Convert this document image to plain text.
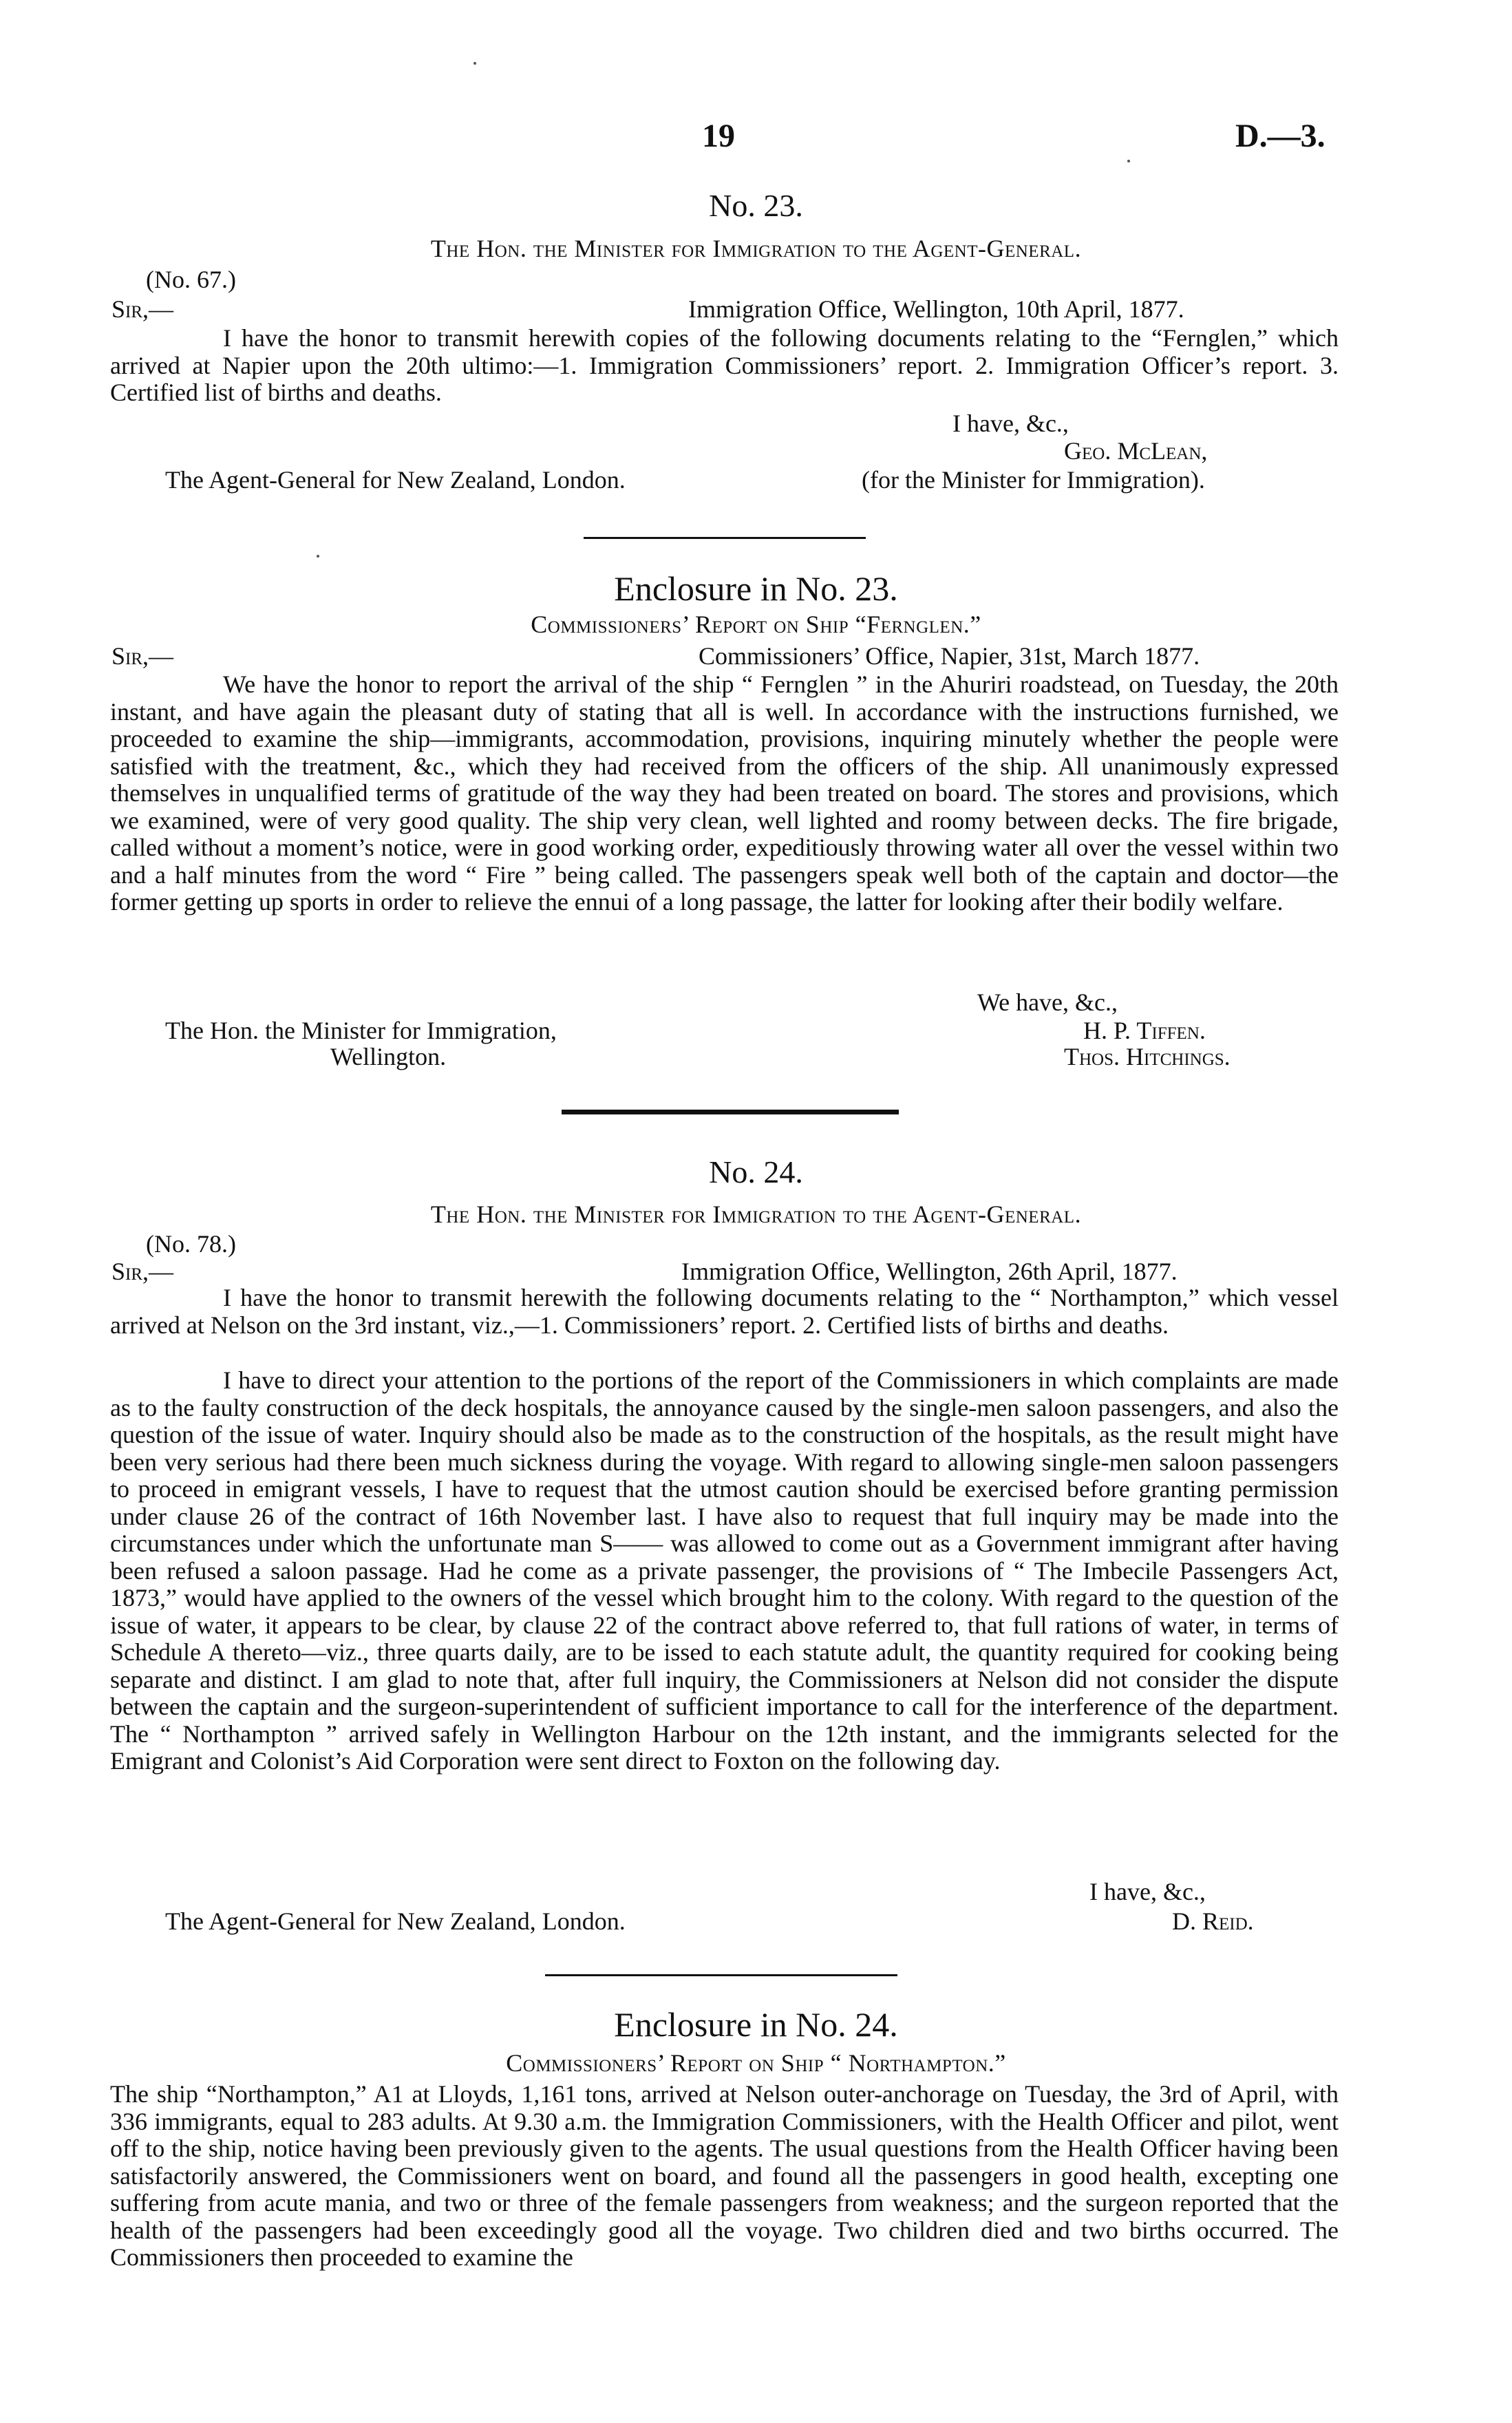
19	D.—3.
No. 23.
The Hon. the Minister for Immigration to the Agent-General.
(No. 67.)
Sir,—	Immigration Office, Wellington, 10th April, 1877.
I have the honor to transmit herewith copies of the following documents relating to the “Fernglen,” which arrived at Napier upon the 20th ultimo:—1. Immigration Commissioners’ report. 2. Immigration Officer’s report. 3. Certified list of births and deaths.
I have, &c.,
Geo. McLean,
The Agent-General for New Zealand, London.	(for the Minister for Immigration).
Enclosure in No. 23.
Commissioners’ Report on Ship “Fernglen.”
Sir,—	Commissioners’ Office, Napier, 31st, March 1877.
We have the honor to report the arrival of the ship “ Fernglen ” in the Ahuriri roadstead, on Tuesday, the 20th instant, and have again the pleasant duty of stating that all is well. In accordance with the instructions furnished, we proceeded to examine the ship—immigrants, accommodation, provisions, inquiring minutely whether the people were satisfied with the treatment, &c., which they had received from the officers of the ship. All unanimously expressed themselves in unqualified terms of gratitude of the way they had been treated on board. The stores and provisions, which we examined, were of very good quality. The ship very clean, well lighted and roomy between decks. The fire brigade, called without a moment’s notice, were in good working order, expeditiously throwing water all over the vessel within two and a half minutes from the word “ Fire ” being called. The passengers speak well both of the captain and doctor—the former getting up sports in order to relieve the ennui of a long passage, the latter for looking after their bodily welfare.
We have, &c.,
The Hon. the Minister for Immigration,
Wellington.
H. P. Tiffen.
Thos. Hitchings.
No. 24.
The Hon. the Minister for Immigration to the Agent-General.
(No. 78.)
Sir,—	Immigration Office, Wellington, 26th April, 1877.
I have the honor to transmit herewith the following documents relating to the “ Northampton,” which vessel arrived at Nelson on the 3rd instant, viz.,—1. Commissioners’ report. 2. Certified lists of births and deaths.
I have to direct your attention to the portions of the report of the Commissioners in which complaints are made as to the faulty construction of the deck hospitals, the annoyance caused by the single-men saloon passengers, and also the question of the issue of water. Inquiry should also be made as to the construction of the hospitals, as the result might have been very serious had there been much sickness during the voyage. With regard to allowing single-men saloon passengers to proceed in emigrant vessels, I have to request that the utmost caution should be exercised before granting permission under clause 26 of the contract of 16th November last. I have also to request that full inquiry may be made into the circumstances under which the unfortunate man S—— was allowed to come out as a Government immigrant after having been refused a saloon passage. Had he come as a private passenger, the provisions of “ The Imbecile Passengers Act, 1873,” would have applied to the owners of the vessel which brought him to the colony. With regard to the question of the issue of water, it appears to be clear, by clause 22 of the contract above referred to, that full rations of water, in terms of Schedule A thereto—viz., three quarts daily, are to be issed to each statute adult, the quantity required for cooking being separate and distinct. I am glad to note that, after full inquiry, the Commissioners at Nelson did not consider the dispute between the captain and the surgeon-superintendent of sufficient importance to call for the interference of the department. The “ Northampton ” arrived safely in Wellington Harbour on the 12th instant, and the immigrants selected for the Emigrant and Colonist’s Aid Corporation were sent direct to Foxton on the following day.
I have, &c.,
The Agent-General for New Zealand, London.	D. Reid.
Enclosure in No. 24.
Commissioners’ Report on Ship “ Northampton.”
The ship “Northampton,” A1 at Lloyds, 1,161 tons, arrived at Nelson outer-anchorage on Tuesday, the 3rd of April, with 336 immigrants, equal to 283 adults. At 9.30 a.m. the Immigration Commissioners, with the Health Officer and pilot, went off to the ship, notice having been previously given to the agents. The usual questions from the Health Officer having been satisfactorily answered, the Commissioners went on board, and found all the passengers in good health, excepting one suffering from acute mania, and two or three of the female passengers from weakness; and the surgeon reported that the health of the passengers had been exceedingly good all the voyage. Two children died and two births occurred. The Commissioners then proceeded to examine the
